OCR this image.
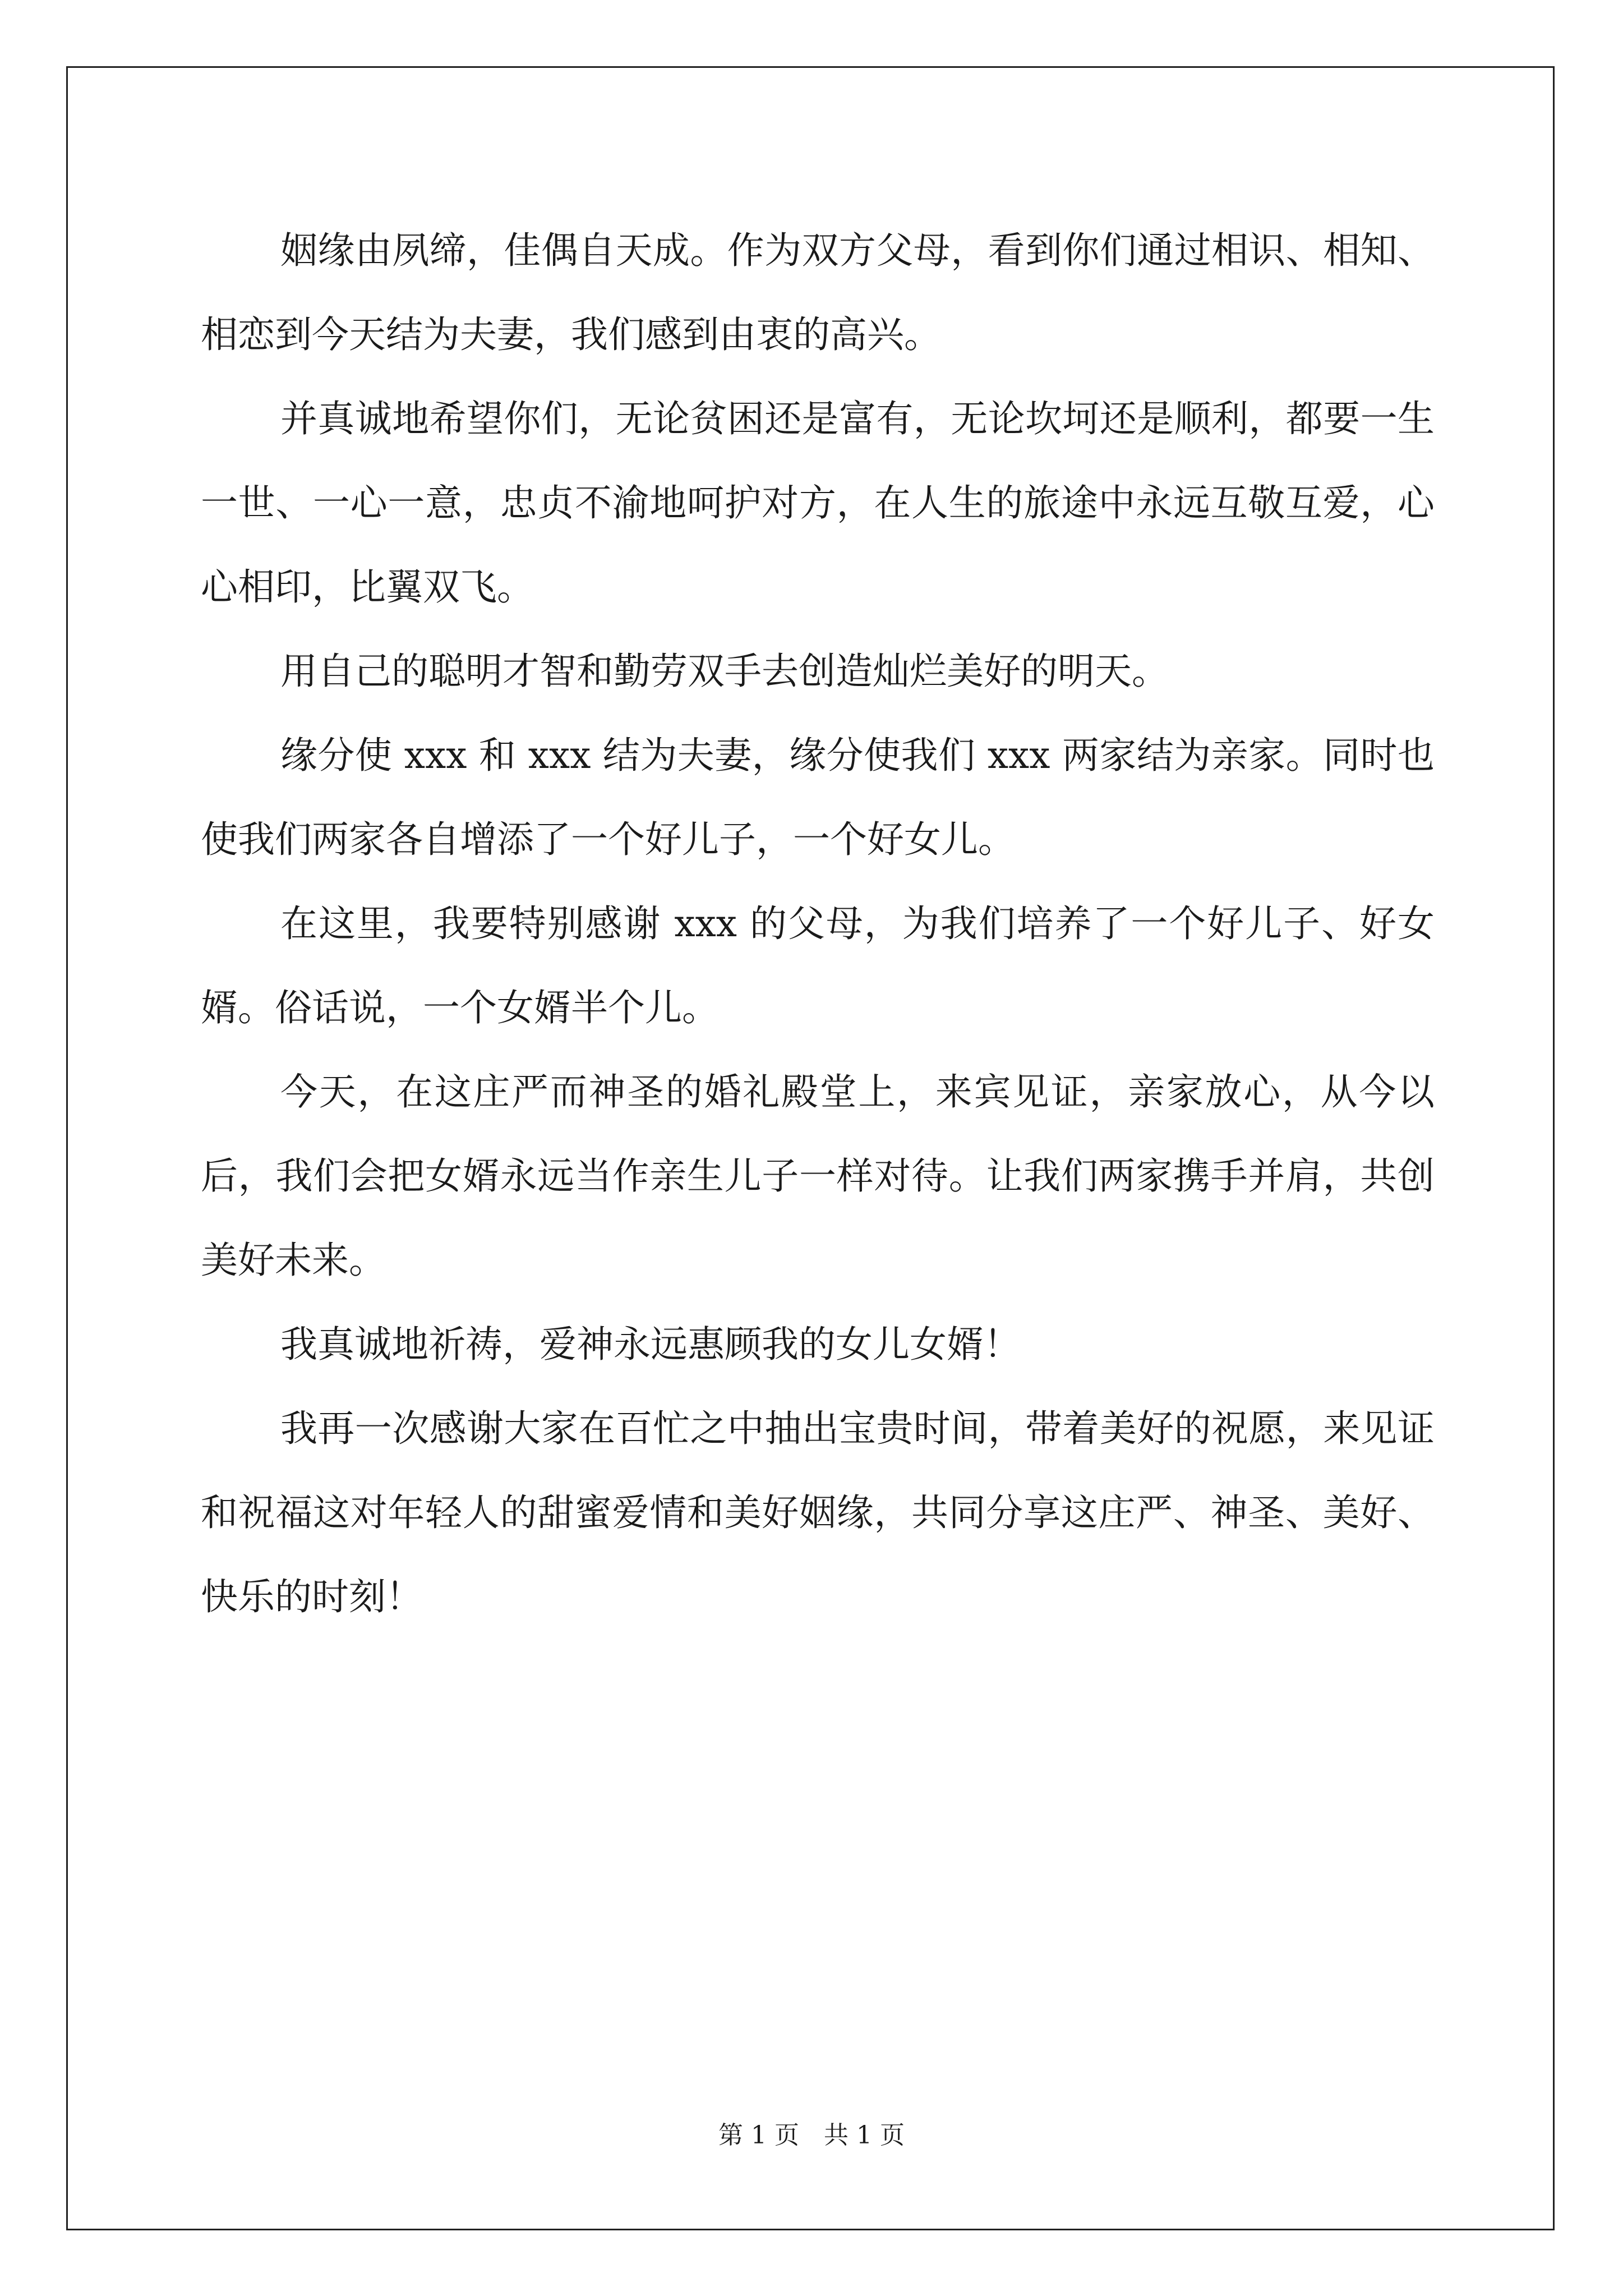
姻缘由夙缔，佳偶自天成。作为双方父母，看到你们通过相识、相知、相恋到今天结为夫妻，我们感到由衷的高兴。

并真诚地希望你们，无论贫困还是富有，无论坎坷还是顺利，都要一生一世、一心一意，忠贞不渝地呵护对方，在人生的旅途中永远互敬互爱，心心相印，比翼双飞。

用自己的聪明才智和勤劳双手去创造灿烂美好的明天。

缘分使 xxx 和 xxx 结为夫妻，缘分使我们 xxx 两家结为亲家。同时也使我们两家各自增添了一个好儿子，一个好女儿。

在这里，我要特别感谢 xxx 的父母，为我们培养了一个好儿子、好女婿。俗话说，一个女婿半个儿。

今天，在这庄严而神圣的婚礼殿堂上，来宾见证，亲家放心，从今以后，我们会把女婿永远当作亲生儿子一样对待。让我们两家携手并肩，共创美好未来。

我真诚地祈祷，爱神永远惠顾我的女儿女婿！

我再一次感谢大家在百忙之中抽出宝贵时间，带着美好的祝愿，来见证和祝福这对年轻人的甜蜜爱情和美好姻缘，共同分享这庄严、神圣、美好、快乐的时刻！

第 1 页　共 1 页
